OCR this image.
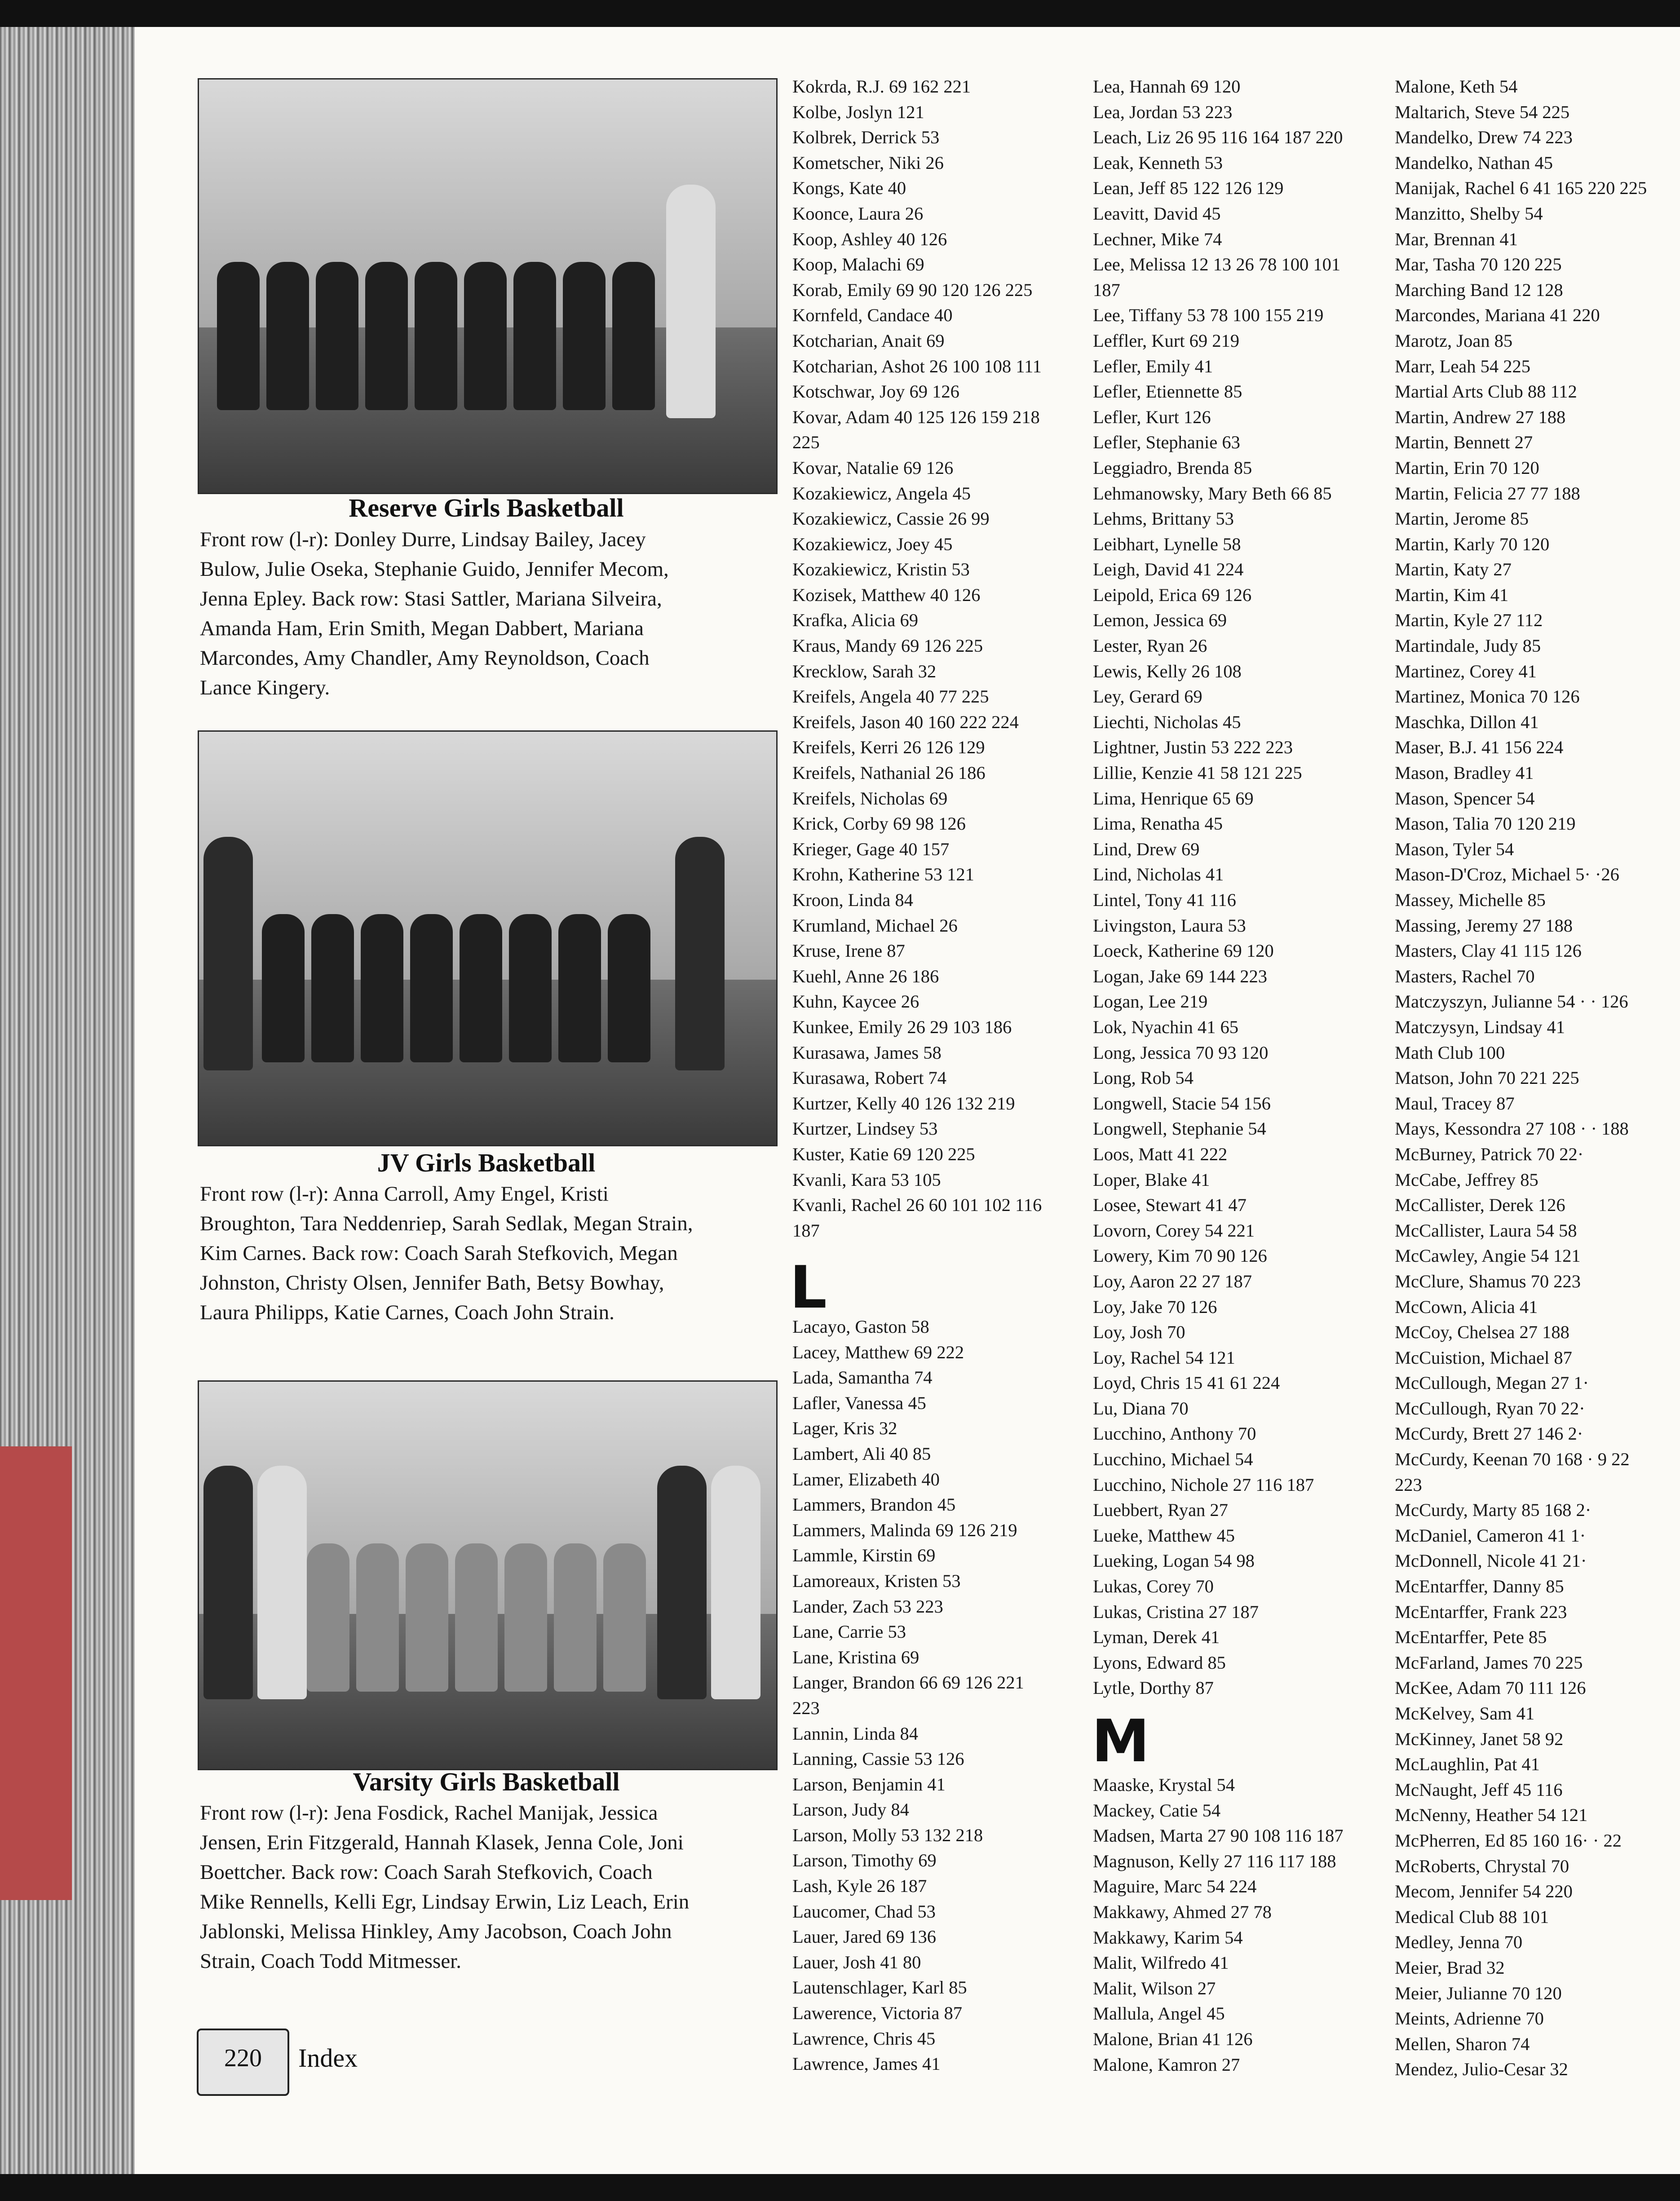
Reserve Girls Basketball
Front row (l-r): Donley Durre, Lindsay Bailey, Jacey
Bulow, Julie Oseka, Stephanie Guido, Jennifer Mecom,
Jenna Epley. Back row: Stasi Sattler, Mariana Silveira,
Amanda Ham, Erin Smith, Megan Dabbert, Mariana
Marcondes, Amy Chandler, Amy Reynoldson, Coach
Lance Kingery.
JV Girls Basketball
Front row (l-r): Anna Carroll, Amy Engel, Kristi
Broughton, Tara Neddenriep, Sarah Sedlak, Megan Strain,
Kim Carnes. Back row: Coach Sarah Stefkovich, Megan
Johnston, Christy Olsen, Jennifer Bath, Betsy Bowhay,
Laura Philipps, Katie Carnes, Coach John Strain.
Varsity Girls Basketball
Front row (l-r): Jena Fosdick, Rachel Manijak, Jessica
Jensen, Erin Fitzgerald, Hannah Klasek, Jenna Cole, Joni
Boettcher. Back row: Coach Sarah Stefkovich, Coach
Mike Rennells, Kelli Egr, Lindsay Erwin, Liz Leach, Erin
Jablonski, Melissa Hinkley, Amy Jacobson, Coach John
Strain, Coach Todd Mitmesser.
Kokrda, R.J. 69 162 221
Kolbe, Joslyn 121
Kolbrek, Derrick 53
Kometscher, Niki 26
Kongs, Kate 40
Koonce, Laura 26
Koop, Ashley 40 126
Koop, Malachi 69
Korab, Emily 69 90 120 126 225
Kornfeld, Candace 40
Kotcharian, Anait 69
Kotcharian, Ashot 26 100 108 111
Kotschwar, Joy 69 126
Kovar, Adam 40 125 126 159 218
225
Kovar, Natalie 69 126
Kozakiewicz, Angela 45
Kozakiewicz, Cassie 26 99
Kozakiewicz, Joey 45
Kozakiewicz, Kristin 53
Kozisek, Matthew 40 126
Krafka, Alicia 69
Kraus, Mandy 69 126 225
Krecklow, Sarah 32
Kreifels, Angela 40 77 225
Kreifels, Jason 40 160 222 224
Kreifels, Kerri 26 126 129
Kreifels, Nathanial 26 186
Kreifels, Nicholas 69
Krick, Corby 69 98 126
Krieger, Gage 40 157
Krohn, Katherine 53 121
Kroon, Linda 84
Krumland, Michael 26
Kruse, Irene 87
Kuehl, Anne 26 186
Kuhn, Kaycee 26
Kunkee, Emily 26 29 103 186
Kurasawa, James 58
Kurasawa, Robert 74
Kurtzer, Kelly 40 126 132 219
Kurtzer, Lindsey 53
Kuster, Katie 69 120 225
Kvanli, Kara 53 105
Kvanli, Rachel 26 60 101 102 116
187
L
Lacayo, Gaston 58
Lacey, Matthew 69 222
Lada, Samantha 74
Lafler, Vanessa 45
Lager, Kris 32
Lambert, Ali 40 85
Lamer, Elizabeth 40
Lammers, Brandon 45
Lammers, Malinda 69 126 219
Lammle, Kirstin 69
Lamoreaux, Kristen 53
Lander, Zach 53 223
Lane, Carrie 53
Lane, Kristina 69
Langer, Brandon 66 69 126 221
223
Lannin, Linda 84
Lanning, Cassie 53 126
Larson, Benjamin 41
Larson, Judy 84
Larson, Molly 53 132 218
Larson, Timothy 69
Lash, Kyle 26 187
Laucomer, Chad 53
Lauer, Jared 69 136
Lauer, Josh 41 80
Lautenschlager, Karl 85
Lawerence, Victoria 87
Lawrence, Chris 45
Lawrence, James 41
Lea, Hannah 69 120
Lea, Jordan 53 223
Leach, Liz 26 95 116 164 187 220
Leak, Kenneth 53
Lean, Jeff 85 122 126 129
Leavitt, David 45
Lechner, Mike 74
Lee, Melissa 12 13 26 78 100 101
187
Lee, Tiffany 53 78 100 155 219
Leffler, Kurt 69 219
Lefler, Emily 41
Lefler, Etiennette 85
Lefler, Kurt 126
Lefler, Stephanie 63
Leggiadro, Brenda 85
Lehmanowsky, Mary Beth 66 85
Lehms, Brittany 53
Leibhart, Lynelle 58
Leigh, David 41 224
Leipold, Erica 69 126
Lemon, Jessica 69
Lester, Ryan 26
Lewis, Kelly 26 108
Ley, Gerard 69
Liechti, Nicholas 45
Lightner, Justin 53 222 223
Lillie, Kenzie 41 58 121 225
Lima, Henrique 65 69
Lima, Renatha 45
Lind, Drew 69
Lind, Nicholas 41
Lintel, Tony 41 116
Livingston, Laura 53
Loeck, Katherine 69 120
Logan, Jake 69 144 223
Logan, Lee 219
Lok, Nyachin 41 65
Long, Jessica 70 93 120
Long, Rob 54
Longwell, Stacie 54 156
Longwell, Stephanie 54
Loos, Matt 41 222
Loper, Blake 41
Losee, Stewart 41 47
Lovorn, Corey 54 221
Lowery, Kim 70 90 126
Loy, Aaron 22 27 187
Loy, Jake 70 126
Loy, Josh 70
Loy, Rachel 54 121
Loyd, Chris 15 41 61 224
Lu, Diana 70
Lucchino, Anthony 70
Lucchino, Michael 54
Lucchino, Nichole 27 116 187
Luebbert, Ryan 27
Lueke, Matthew 45
Lueking, Logan 54 98
Lukas, Corey 70
Lukas, Cristina 27 187
Lyman, Derek 41
Lyons, Edward 85
Lytle, Dorthy 87
M
Maaske, Krystal 54
Mackey, Catie 54
Madsen, Marta 27 90 108 116 187
Magnuson, Kelly 27 116 117 188
Maguire, Marc 54 224
Makkawy, Ahmed 27 78
Makkawy, Karim 54
Malit, Wilfredo 41
Malit, Wilson 27
Mallula, Angel 45
Malone, Brian 41 126
Malone, Kamron 27
Malone, Keth 54
Maltarich, Steve 54 225
Mandelko, Drew 74 223
Mandelko, Nathan 45
Manijak, Rachel 6 41 165 220 225
Manzitto, Shelby 54
Mar, Brennan 41
Mar, Tasha 70 120 225
Marching Band 12 128
Marcondes, Mariana 41 220
Marotz, Joan 85
Marr, Leah 54 225
Martial Arts Club 88 112
Martin, Andrew 27 188
Martin, Bennett 27
Martin, Erin 70 120
Martin, Felicia 27 77 188
Martin, Jerome 85
Martin, Karly 70 120
Martin, Katy 27
Martin, Kim 41
Martin, Kyle 27 112
Martindale, Judy 85
Martinez, Corey 41
Martinez, Monica 70 126
Maschka, Dillon 41
Maser, B.J. 41 156 224
Mason, Bradley 41
Mason, Spencer 54
Mason, Talia 70 120 219
Mason, Tyler 54
Mason-D'Croz, Michael 5· ·26
Massey, Michelle 85
Massing, Jeremy 27 188
Masters, Clay 41 115 126
Masters, Rachel 70
Matczyszyn, Julianne 54 · · 126
Matczysyn, Lindsay 41
Math Club 100
Matson, John 70 221 225
Maul, Tracey 87
Mays, Kessondra 27 108 · · 188
McBurney, Patrick 70 22·
McCabe, Jeffrey 85
McCallister, Derek 126
McCallister, Laura 54 58
McCawley, Angie 54 121
McClure, Shamus 70 223
McCown, Alicia 41
McCoy, Chelsea 27 188
McCuistion, Michael 87
McCullough, Megan 27 1·
McCullough, Ryan 70 22·
McCurdy, Brett 27 146 2·
McCurdy, Keenan 70 168 · 9 22
223
McCurdy, Marty 85 168 2·
McDaniel, Cameron 41 1·
McDonnell, Nicole 41 21·
McEntarffer, Danny 85
McEntarffer, Frank 223
McEntarffer, Pete 85
McFarland, James 70 225
McKee, Adam 70 111 126
McKelvey, Sam 41
McKinney, Janet 58 92
McLaughlin, Pat 41
McNaught, Jeff 45 116
McNenny, Heather 54 121
McPherren, Ed 85 160 16· · 22
McRoberts, Chrystal 70
Mecom, Jennifer 54 220
Medical Club 88 101
Medley, Jenna 70
Meier, Brad 32
Meier, Julianne 70 120
Meints, Adrienne 70
Mellen, Sharon 74
Mendez, Julio-Cesar 32
220	Index
